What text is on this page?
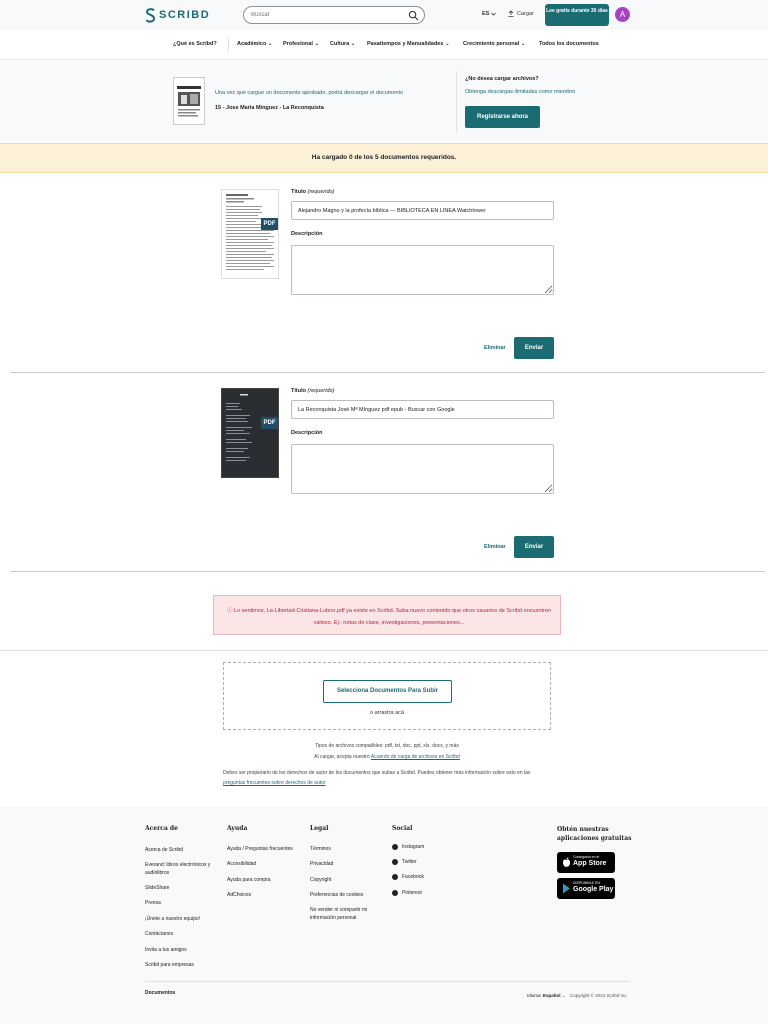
SCRIBD
Buscar	ES	Cargar Lee gratis durante 30 días	A
¿Qué es Scribd?	Académico ⌄ Profesional ⌄ Cultura ⌄ Pasatiempos y Manualidades ⌄ Crecimiento personal ⌄ Todos los documentos
Una vez que cargue un documento aprobado, podrá descargar el documento
15 - Jose Maria Minguez - La Reconquista
¿No desea cargar archivos?
Obtenga descargas ilimitadas como miembro
Registrarse ahora
Ha cargado 0 de los 5 documentos requeridos.
PDF
Título (requerido)
Alejandro Magno y la profecía bíblica — BIBLIOTECA EN LÍNEA Watchtower
Descripción
Eliminar	Enviar
PDF
Título (requerido)
La Reconquista José Mª Mínguez pdf epub - Buscar con Google
Descripción
Eliminar	Enviar
ⓘ Lo sentimos, La-Libertad-Cristiana-Lutero.pdf ya existe en Scribd. Suba nuevo contenido que otros usuarios de Scribd encuentren valioso. Ej.: notas de clase, investigaciones, presentaciones...
Selecciona Documentos Para Subir
o arrastra acá
Tipos de archivos compatibles: pdf, txt, doc, ppt, xls, docx, y más
Al cargar, acepta nuestro Acuerdo de carga de archivos en Scribd
Debes ser propietario de los derechos de autor de los documentos que subas a Scribd. Puedes obtener más información sobre esto en las
preguntas frecuentes sobre derechos de autor
Acerca de
Acerca de Scribd
Everand: libros electrónicos y audiolibros
SlideShare
Prensa
¡Únete a nuestro equipo!
Contáctanos
Invita a tus amigos
Scribd para empresas
Ayuda
Ayuda / Preguntas frecuentes
Accesibilidad
Ayuda para compra
AdChoices
Legal
Términos
Privacidad
Copyright
Preferencias de cookies
No vender ni compartir mi información personal
Social
Instagram
Twitter
Facebook
Pinterest
Obtén nuestras aplicaciones gratuitas
Consíguelo en el
App Store
DISPONIBLE EN
Google Play
Documentos	Idioma: Español ⌄ Copyright © 2024 Scribd Inc.
